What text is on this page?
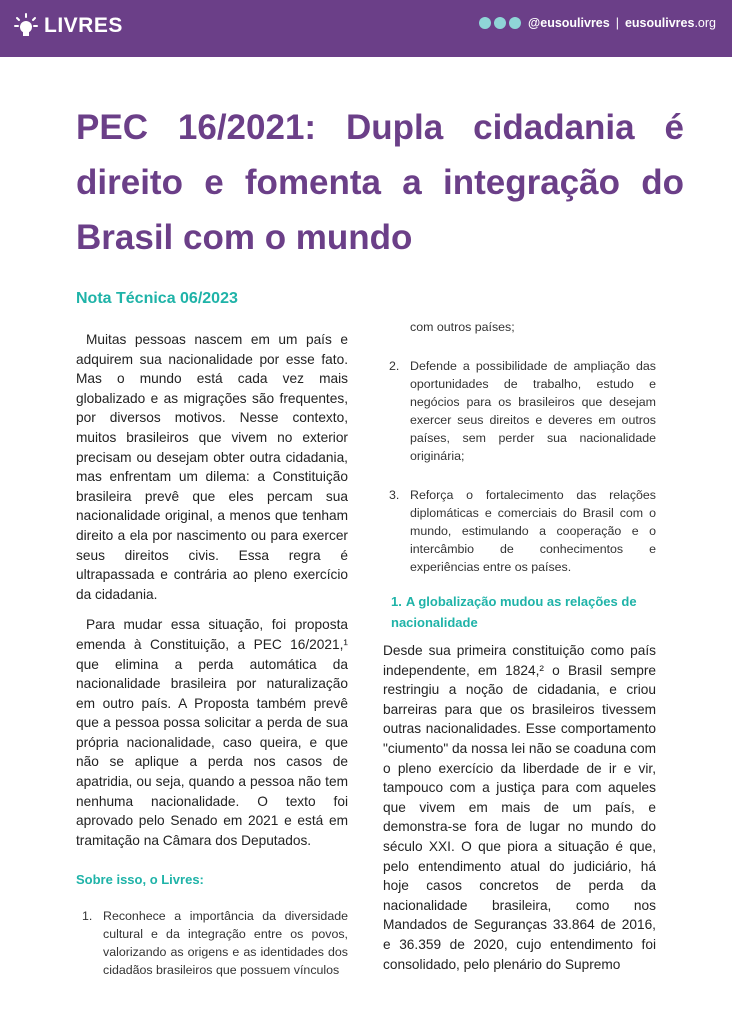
LIVRES	@eusoulivres | eusoulivres.org
PEC 16/2021: Dupla cidadania é direito e fomenta a integração do Brasil com o mundo
Nota Técnica 06/2023

Muitas pessoas nascem em um país e adquirem sua nacionalidade por esse fato. Mas o mundo está cada vez mais globalizado e as migrações são frequentes, por diversos motivos. Nesse contexto, muitos brasileiros que vivem no exterior precisam ou desejam obter outra cidadania, mas enfrentam um dilema: a Constituição brasileira prevê que eles percam sua nacionalidade original, a menos que tenham direito a ela por nascimento ou para exercer seus direitos civis. Essa regra é ultrapassada e contrária ao pleno exercício da cidadania.

Para mudar essa situação, foi proposta emenda à Constituição, a PEC 16/2021,¹ que elimina a perda automática da nacionalidade brasileira por naturalização em outro país. A Proposta também prevê que a pessoa possa solicitar a perda de sua própria nacionalidade, caso queira, e que não se aplique a perda nos casos de apatridia, ou seja, quando a pessoa não tem nenhuma nacionalidade. O texto foi aprovado pelo Senado em 2021 e está em tramitação na Câmara dos Deputados.

Sobre isso, o Livres:

1. Reconhece a importância da diversidade cultural e da integração entre os povos, valorizando as origens e as identidades dos cidadãos brasileiros que possuem vínculos

com outros países;

2. Defende a possibilidade de ampliação das oportunidades de trabalho, estudo e negócios para os brasileiros que desejam exercer seus direitos e deveres em outros países, sem perder sua nacionalidade originária;
3. Reforça o fortalecimento das relações diplomáticas e comerciais do Brasil com o mundo, estimulando a cooperação e o intercâmbio de conhecimentos e experiências entre os países.

1. A globalização mudou as relações de nacionalidade

Desde sua primeira constituição como país independente, em 1824,² o Brasil sempre restringiu a noção de cidadania, e criou barreiras para que os brasileiros tivessem outras nacionalidades. Esse comportamento "ciumento" da nossa lei não se coaduna com o pleno exercício da liberdade de ir e vir, tampouco com a justiça para com aqueles que vivem em mais de um país, e demonstra-se fora de lugar no mundo do século XXI. O que piora a situação é que, pelo entendimento atual do judiciário, há hoje casos concretos de perda da nacionalidade brasileira, como nos Mandados de Seguranças 33.864 de 2016, e 36.359 de 2020, cujo entendimento foi consolidado, pelo plenário do Supremo
